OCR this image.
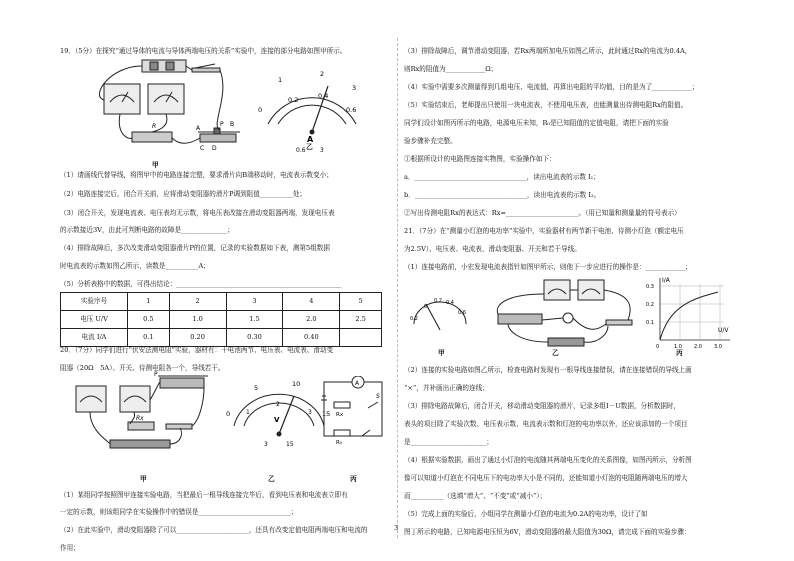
19．（5分）在探究“通过导体的电流与导体两端电压的关系”实验中，连接的部分电路如图甲所示。
R	A
B
C D
P
0
0.2	0.4
0.6
1
2
3
A
0.6 3
甲
乙
（1）请画线代替导线，将图甲中的电路连接完整，要求滑片向B端移动时，电流表示数变小；
（2）电路连接完后，闭合开关前，应将滑动变阻器的滑片P调到阻值__________处；
（3）闭合开关，发现电流表、电压表均无示数，将电压表改接在滑动变阻器两端，发现电压表
的示数接近3V，由此可判断电路的故障是______________；
（4）排除故障后，多次改变滑动变阻器滑片P的位置，记录的实验数据如下表，测第5组数据
时电流表的示数如图乙所示，读数是__________A；
（5）分析表格中的数据，可得出结论：__________________________________________________
实验序号	1	2	3	4	5
电压 U/V	0.5	1.0	1.5	2.0	2.5
电流 I/A	0.1	0.20	0.30	0.40	
20．（7分）同学们进行“伏安法测电阻”实验，器材有：干电池两节、电压表、电流表、滑动变
阻器（20Ω　5A）、开关、待测电阻各一个，导线若干。
Rx
P
0
5	10
15
1
2
3
V
3	15
A
S
Rx
R₀
甲	乙	丙
（1）某组同学按照图甲连接实验电路，当把最后一根导线连接完毕后，看到电压表和电流表立即有
一定的示数，则该组同学在实验操作中的错误是____________________________；
（2）在此实验中，滑动变阻器除了可以______________________，还具有改变定值电阻两端电压和电流的
作用；
（3）排除故障后，调节滑动变阻器，若Rx两端所加电压如图乙所示，此时通过Rx的电流为0.4A，
则Rx的阻值为____________Ω；
（4）实验中需要多次测量得到几组电压、电流值，再算出电阻的平均值，目的是为了____________；
（5）实验结束后，老师提出只使用一块电流表，不使用电压表，也能测量出待测电阻Rx的阻值。
同学们设计如图丙所示的电路，电源电压未知，R₀是已知阻值的定值电阻，请把下面的实验
验步骤补充完整。
①根据所设计的电路图连接实物图，实验操作如下：
a．__________________________________，读出电流表的示数 I₁；
b．__________________________________，读出电流表的示数 I₂。
②写出待测电阻Rx的表达式：Rx=______________________。（用已知量和测量量的符号表示）
21．（7分）在“测量小灯泡的电功率”实验中，实验器材有两节新干电池、待测小灯泡（额定电压
为2.5V）、电压表、电流表、滑动变阻器、开关和若干导线。
（1）连接电路前，小宏发现电流表指针如图甲所示，则他下一步应进行的操作是：____________；
0.2
0
0.2 0.4
0.6
I/A
U/V
0.3
0.2
0.1
0	1.0 2.0 3.0
甲	乙	丙
（2）连接的实验电路如图乙所示，检查电路时发现有一根导线连接错误，请在连接错误的导线上画
“×”，并补画出正确的连线；
（3）排除电路故障后，闭合开关，移动滑动变阻器的滑片，记录多组I－U数据，分析数据时，
表头的项目除了实验次数、电压表示数、电流表示数和灯泡的电功率以外，还应该添加的一个项目
是_______________________；
（4）根据实验数据，画出了通过小灯泡的电流随其两端电压变化的关系图像，如图丙所示，分析图
像可以知道小灯泡在不同电压下的电功率大小是不同的，还能知道小灯泡的电阻随两端电压的增大
而__________（选填“增大”、“不变”或“减小”）；
（5）完成上面的实验后，小组同学在测量小灯泡的电流为0.2A的电功率，设计了如
图丁所示的电路，已知电源电压恒为6V，滑动变阻器的最大阻值为30Ω，请完成下面的实验步骤：
3
